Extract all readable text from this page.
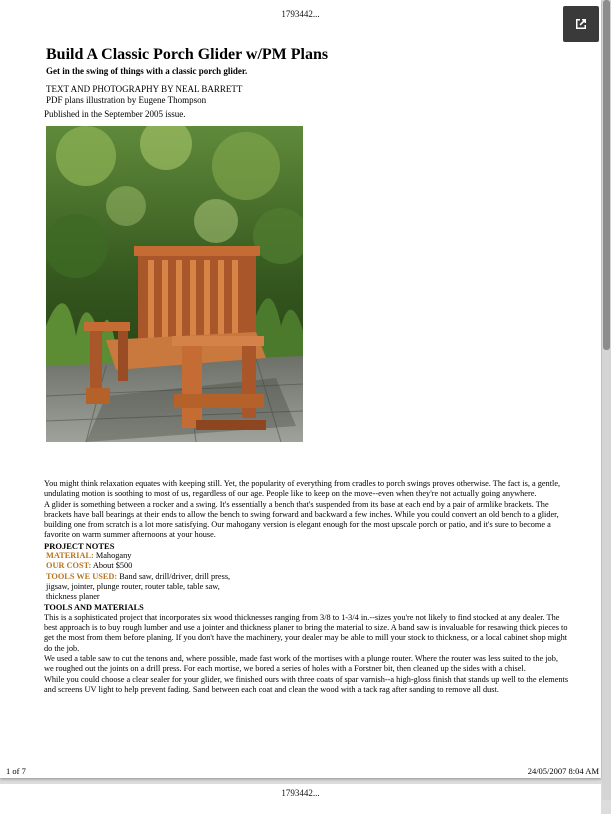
1793442...
Build A Classic Porch Glider w/PM Plans
Get in the swing of things with a classic porch glider.
TEXT AND PHOTOGRAPHY BY NEAL BARRETT
PDF plans illustration by Eugene Thompson
Published in the September 2005 issue.

You might think relaxation equates with keeping still. Yet, the popularity of everything from cradles to porch swings proves otherwise. The fact is, a gentle, undulating motion is soothing to most of us, regardless of our age. People like to keep on the move--even when they're not actually going anywhere.

A glider is something between a rocker and a swing. It's essentially a bench that's suspended from its base at each end by a pair of armlike brackets. The brackets have ball bearings at their ends to allow the bench to swing forward and backward a few inches. While you could convert an old bench to a glider, building one from scratch is a lot more satisfying. Our mahogany version is elegant enough for the most upscale porch or patio, and it's sure to become a favorite on warm summer afternoons at your house.

PROJECT NOTES

MATERIAL: Mahogany
OUR COST: About $500
TOOLS WE USED: Band saw, drill/driver, drill press,
jigsaw, jointer, plunge router, router table, table saw,
thickness planer

TOOLS AND MATERIALS

This is a sophisticated project that incorporates six wood thicknesses ranging from 3/8 to 1-3/4 in.--sizes you're not likely to find stocked at any dealer. The best approach is to buy rough lumber and use a jointer and thickness planer to bring the material to size. A band saw is invaluable for resawing thick pieces to get the most from them before planing. If you don't have the machinery, your dealer may be able to mill your stock to thickness, or a local cabinet shop might do the job.

We used a table saw to cut the tenons and, where possible, made fast work of the mortises with a plunge router. Where the router was less suited to the job, we roughed out the joints on a drill press. For each mortise, we bored a series of holes with a Forstner bit, then cleaned up the sides with a chisel.

While you could choose a clear sealer for your glider, we finished ours with three coats of spar varnish--a high-gloss finish that stands up well to the elements and screens UV light to help prevent fading. Sand between each coat and clean the wood with a tack rag after sanding to remove all dust.

1 of 7	24/05/2007 8:04 AM
1793442...
